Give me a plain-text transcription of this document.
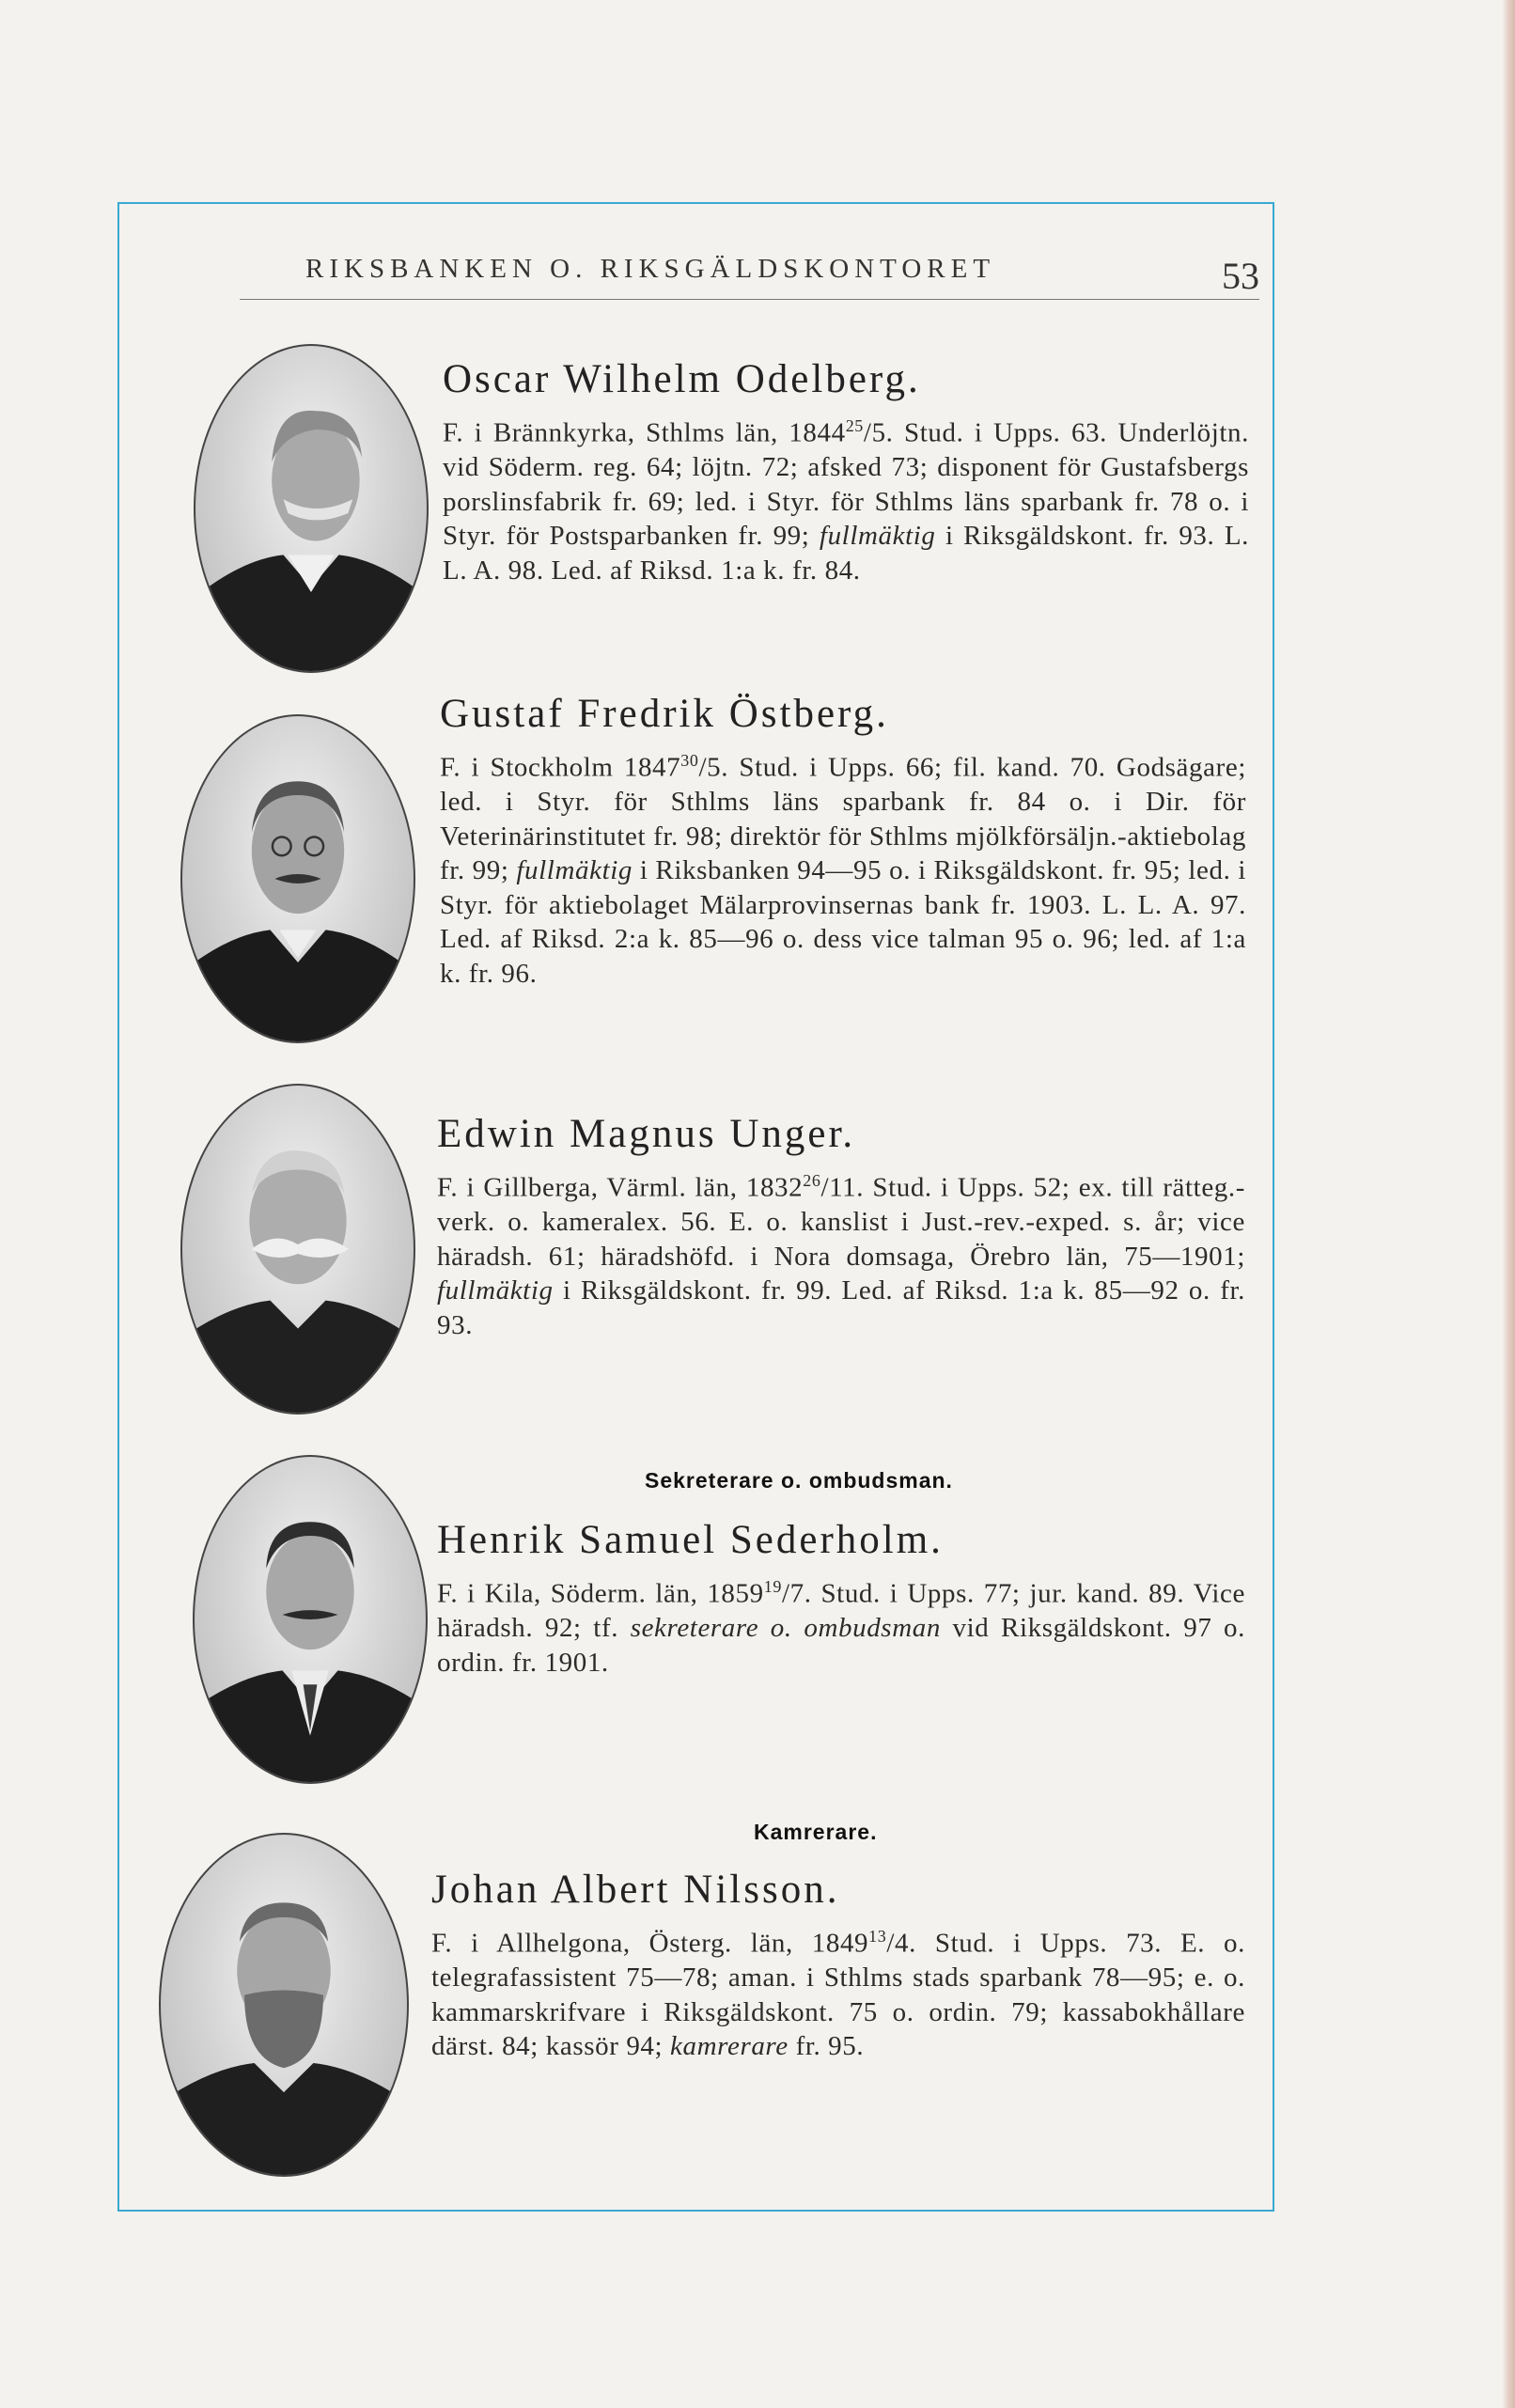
RIKSBANKEN O. RIKSGÄLDSKONTORET	53
Oscar Wilhelm Odelberg.
F. i Brännkyrka, Sthlms län, 1844$^{25}$/5. Stud. i Upps. 63. Underlöjtn. vid Söderm. reg. 64; löjtn. 72; afsked 73; disponent för Gustafsbergs porslinsfabrik fr. 69; led. i Styr. för Sthlms läns sparbank fr. 78 o. i Styr. för Postsparbanken fr. 99; fullmäktig i Riksgäldskont. fr. 93. L. L. A. 98. Led. af Riksd. 1:a k. fr. 84.
Gustaf Fredrik Östberg.
F. i Stockholm 1847$^{30}$/5. Stud. i Upps. 66; fil. kand. 70. Godsägare; led. i Styr. för Sthlms läns sparbank fr. 84 o. i Dir. för Veterinärinstitutet fr. 98; direktör för Sthlms mjölkförsäljn.-aktiebolag fr. 99; fullmäktig i Riksbanken 94—95 o. i Riksgäldskont. fr. 95; led. i Styr. för aktiebolaget Mälarprovinsernas bank fr. 1903. L. L. A. 97. Led. af Riksd. 2:a k. 85—96 o. dess vice talman 95 o. 96; led. af 1:a k. fr. 96.
Edwin Magnus Unger.
F. i Gillberga, Värml. län, 1832$^{26}$/11. Stud. i Upps. 52; ex. till rätteg.-verk. o. kameralex. 56. E. o. kanslist i Just.-rev.-exped. s. år; vice häradsh. 61; häradshöfd. i Nora domsaga, Örebro län, 75—1901; fullmäktig i Riksgäldskont. fr. 99. Led. af Riksd. 1:a k. 85—92 o. fr. 93.
Sekreterare o. ombudsman.
Henrik Samuel Sederholm.
F. i Kila, Söderm. län, 1859$^{19}$/7. Stud. i Upps. 77; jur. kand. 89. Vice häradsh. 92; tf. sekreterare o. ombudsman vid Riksgäldskont. 97 o. ordin. fr. 1901.
Kamrerare.
Johan Albert Nilsson.
F. i Allhelgona, Österg. län, 1849$^{13}$/4. Stud. i Upps. 73. E. o. telegrafassistent 75—78; aman. i Sthlms stads sparbank 78—95; e. o. kammarskrifvare i Riksgäldskont. 75 o. ordin. 79; kassabokhållare därst. 84; kassör 94; kamrerare fr. 95.
